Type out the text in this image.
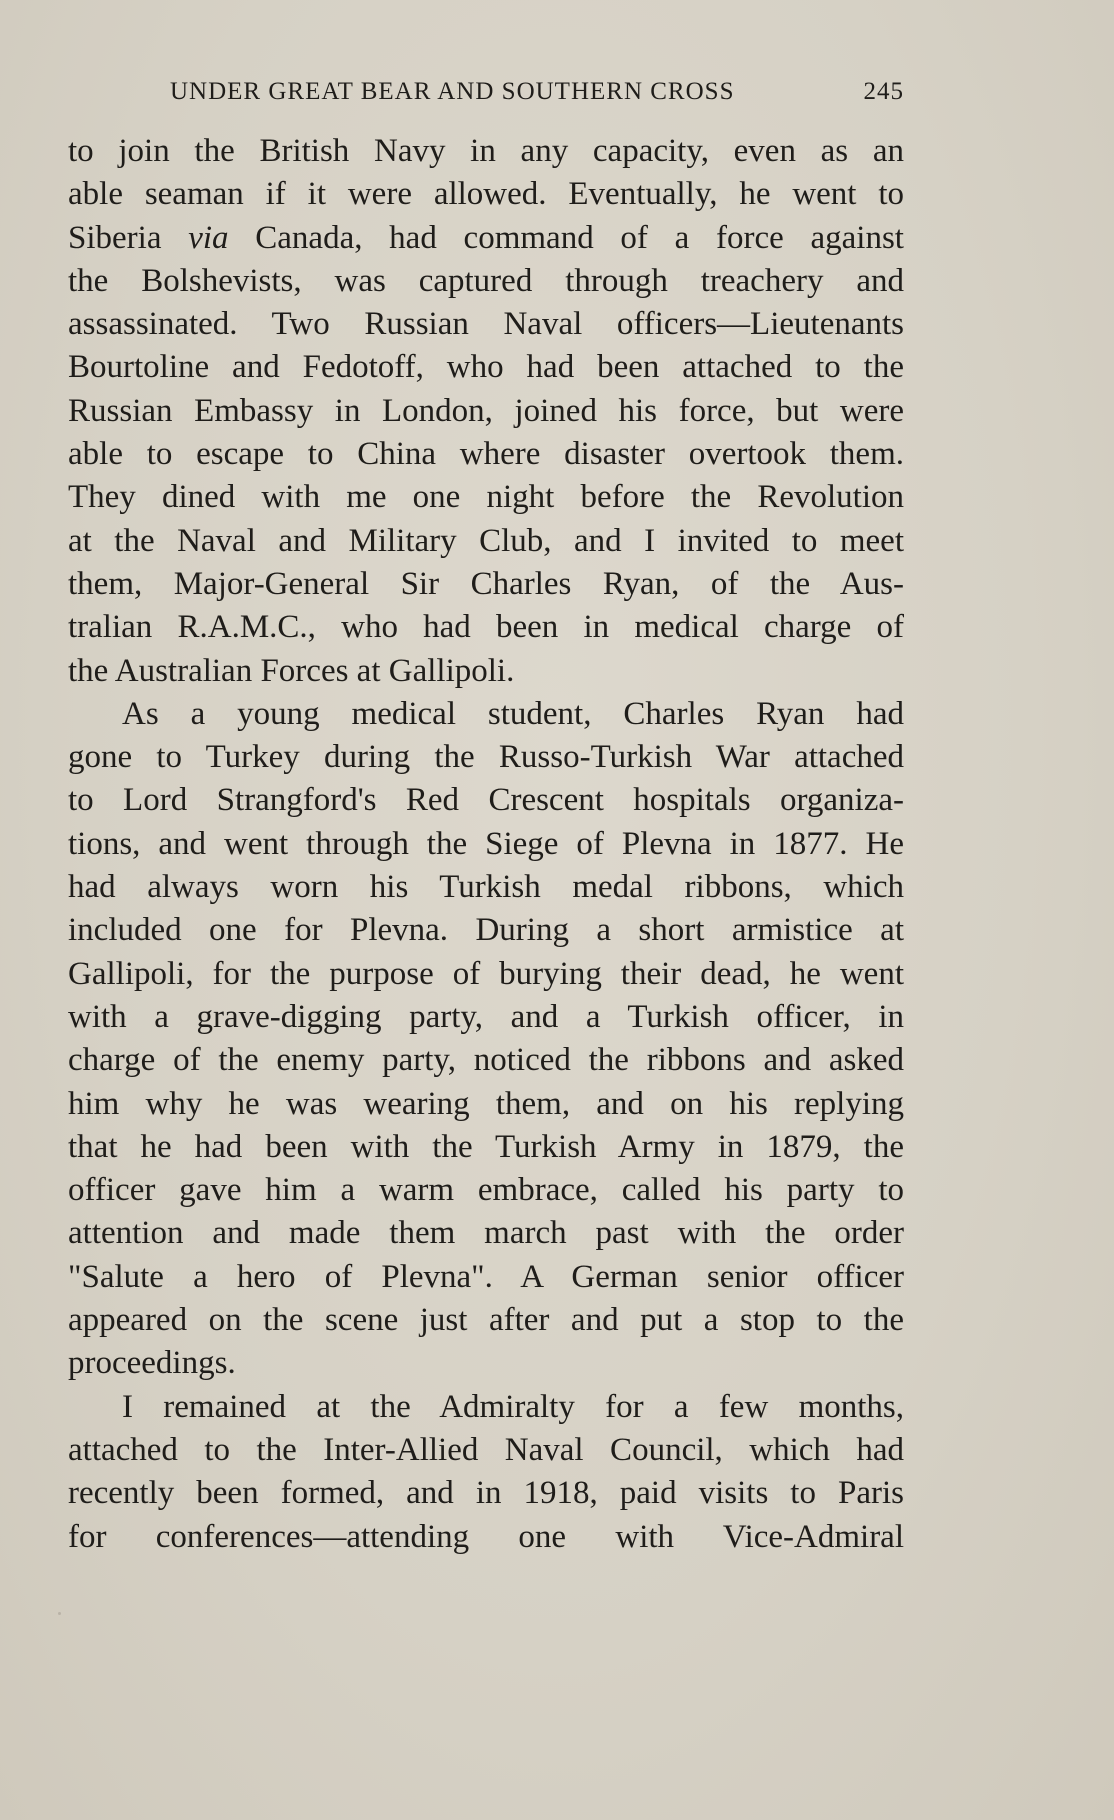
UNDER GREAT BEAR AND SOUTHERN CROSS	245
to join the British Navy in any capacity, even as an
able seaman if it were allowed. Eventually, he went to
Siberia via Canada, had command of a force against
the Bolshevists, was captured through treachery and
assassinated. Two Russian Naval officers—Lieutenants
Bourtoline and Fedotoff, who had been attached to the
Russian Embassy in London, joined his force, but were
able to escape to China where disaster overtook them.
They dined with me one night before the Revolution
at the Naval and Military Club, and I invited to meet
them, Major-General Sir Charles Ryan, of the Aus-
tralian R.A.M.C., who had been in medical charge of
the Australian Forces at Gallipoli.
As a young medical student, Charles Ryan had
gone to Turkey during the Russo-Turkish War attached
to Lord Strangford's Red Crescent hospitals organiza-
tions, and went through the Siege of Plevna in 1877. He
had always worn his Turkish medal ribbons, which
included one for Plevna. During a short armistice at
Gallipoli, for the purpose of burying their dead, he went
with a grave-digging party, and a Turkish officer, in
charge of the enemy party, noticed the ribbons and asked
him why he was wearing them, and on his replying
that he had been with the Turkish Army in 1879, the
officer gave him a warm embrace, called his party to
attention and made them march past with the order
"Salute a hero of Plevna". A German senior officer
appeared on the scene just after and put a stop to the
proceedings.
I remained at the Admiralty for a few months,
attached to the Inter-Allied Naval Council, which had
recently been formed, and in 1918, paid visits to Paris
for conferences—attending one with Vice-Admiral
